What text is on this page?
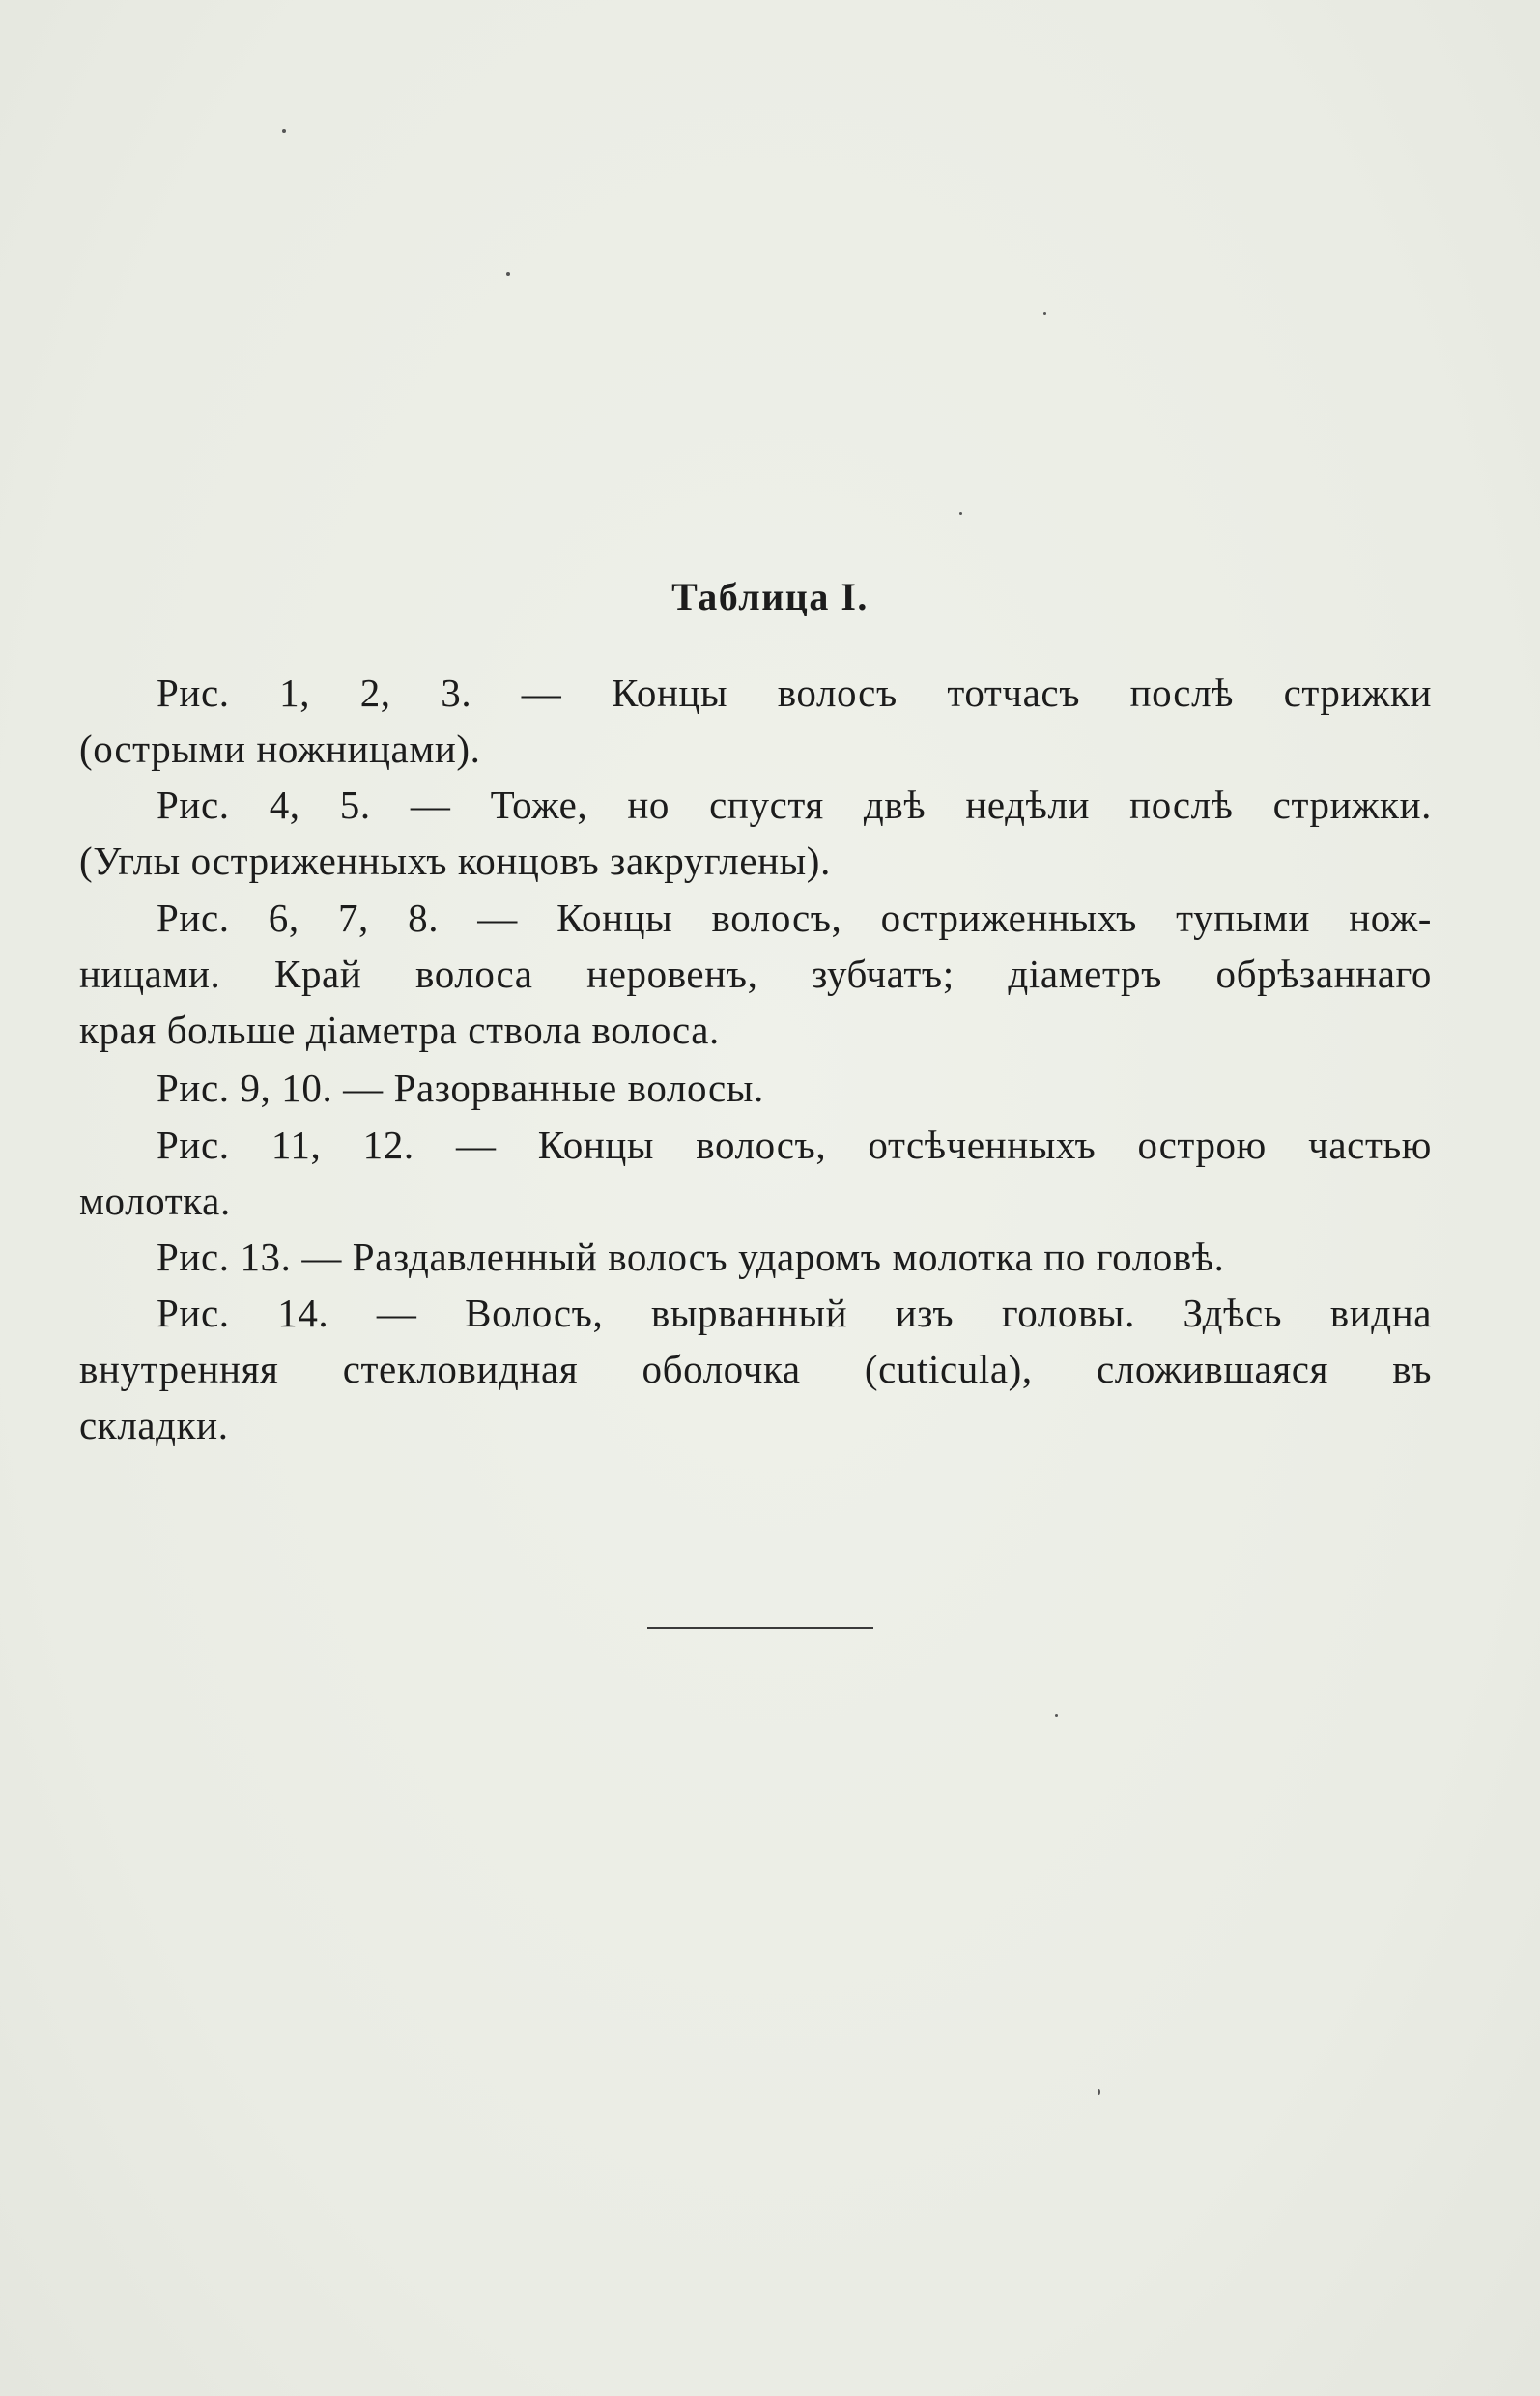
Таблица I.

Рис. 1, 2, 3. — Концы волосъ тотчасъ послѣ стрижки
(острыми ножницами).

Рис. 4, 5. — Тоже, но спустя двѣ недѣли послѣ стрижки.
(Углы остриженныхъ концовъ закруглены).

Рис. 6, 7, 8. — Концы волосъ, остриженныхъ тупыми нож-
ницами. Край волоса неровенъ, зубчатъ; діаметръ обрѣзаннаго
края больше діаметра ствола волоса.

Рис. 9, 10. — Разорванные волосы.

Рис. 11, 12. — Концы волосъ, отсѣченныхъ острою частью
молотка.

Рис. 13. — Раздавленный волосъ ударомъ молотка по головѣ.

Рис. 14. — Волосъ, вырванный изъ головы. Здѣсь видна
внутренняя стекловидная оболочка (cuticula), сложившаяся въ
складки.
